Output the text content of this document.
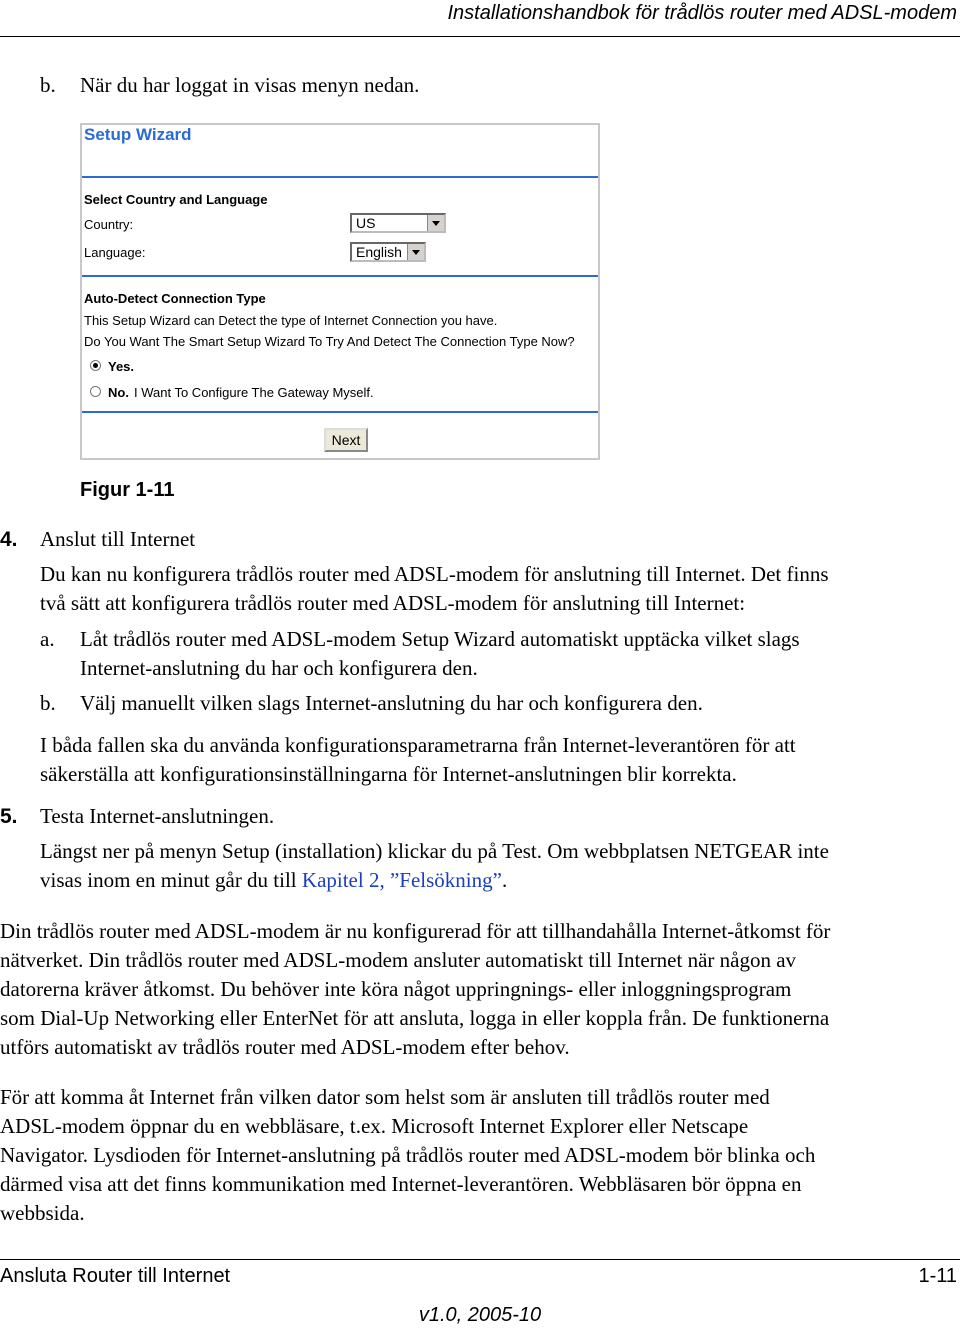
Installationshandbok för trådlös router med ADSL-modem
b. När du har loggat in visas menyn nedan.
Setup Wizard
Select Country and Language
Country:	US
Language:	English
Auto-Detect Connection Type
This Setup Wizard can Detect the type of Internet Connection you have.
Do You Want The Smart Setup Wizard To Try And Detect The Connection Type Now?
Yes.
No. I Want To Configure The Gateway Myself.
Next
Figur 1-11
4. Anslut till Internet
Du kan nu konfigurera trådlös router med ADSL-modem för anslutning till Internet. Det finns
två sätt att konfigurera trådlös router med ADSL-modem för anslutning till Internet:
a. Låt trådlös router med ADSL-modem Setup Wizard automatiskt upptäcka vilket slags
Internet-anslutning du har och konfigurera den.
b. Välj manuellt vilken slags Internet-anslutning du har och konfigurera den.
I båda fallen ska du använda konfigurationsparametrarna från Internet-leverantören för att
säkerställa att konfigurationsinställningarna för Internet-anslutningen blir korrekta.
5. Testa Internet-anslutningen.
Längst ner på menyn Setup (installation) klickar du på Test. Om webbplatsen NETGEAR inte
visas inom en minut går du till Kapitel 2, ”Felsökning”.
Din trådlös router med ADSL-modem är nu konfigurerad för att tillhandahålla Internet-åtkomst för
nätverket. Din trådlös router med ADSL-modem ansluter automatiskt till Internet när någon av
datorerna kräver åtkomst. Du behöver inte köra något uppringnings- eller inloggningsprogram
som Dial-Up Networking eller EnterNet för att ansluta, logga in eller koppla från. De funktionerna
utförs automatiskt av trådlös router med ADSL-modem efter behov.
För att komma åt Internet från vilken dator som helst som är ansluten till trådlös router med
ADSL-modem öppnar du en webbläsare, t.ex. Microsoft Internet Explorer eller Netscape
Navigator. Lysdioden för Internet-anslutning på trådlös router med ADSL-modem bör blinka och
därmed visa att det finns kommunikation med Internet-leverantören. Webbläsaren bör öppna en
webbsida.
Ansluta Router till Internet	1-11
v1.0, 2005-10
